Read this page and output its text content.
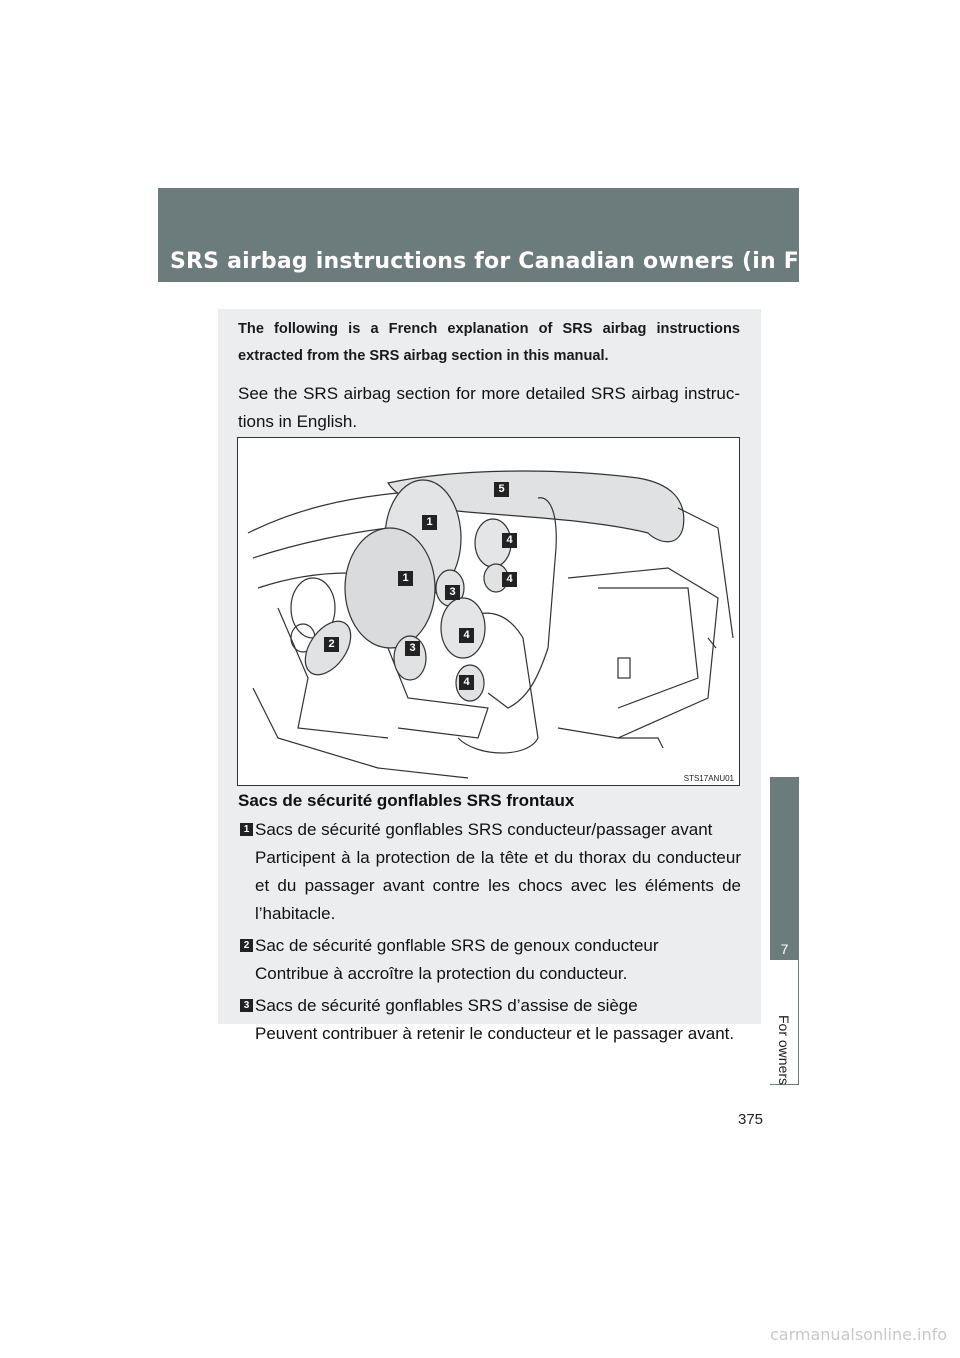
SRS airbag instructions for Canadian owners (in French)
7
The following is a French explanation of SRS airbag instructions extracted from the SRS airbag section in this manual.
See the SRS airbag section for more detailed SRS airbag instruc-tions in English.
5
1
4
1	4
3
4
2	3
4
STS17ANU01
Sacs de sécurité gonflables SRS frontaux
1 Sacs de sécurité gonflables SRS conducteur/passager avant
Participent à la protection de la tête et du thorax du conducteur et du passager avant contre les chocs avec les éléments de l’habitacle.
2 Sac de sécurité gonflable SRS de genoux conducteur
Contribue à accroître la protection du conducteur.
3 Sacs de sécurité gonflables SRS d’assise de siège
Peuvent contribuer à retenir le conducteur et le passager avant.
375
carmanualsonline.info
